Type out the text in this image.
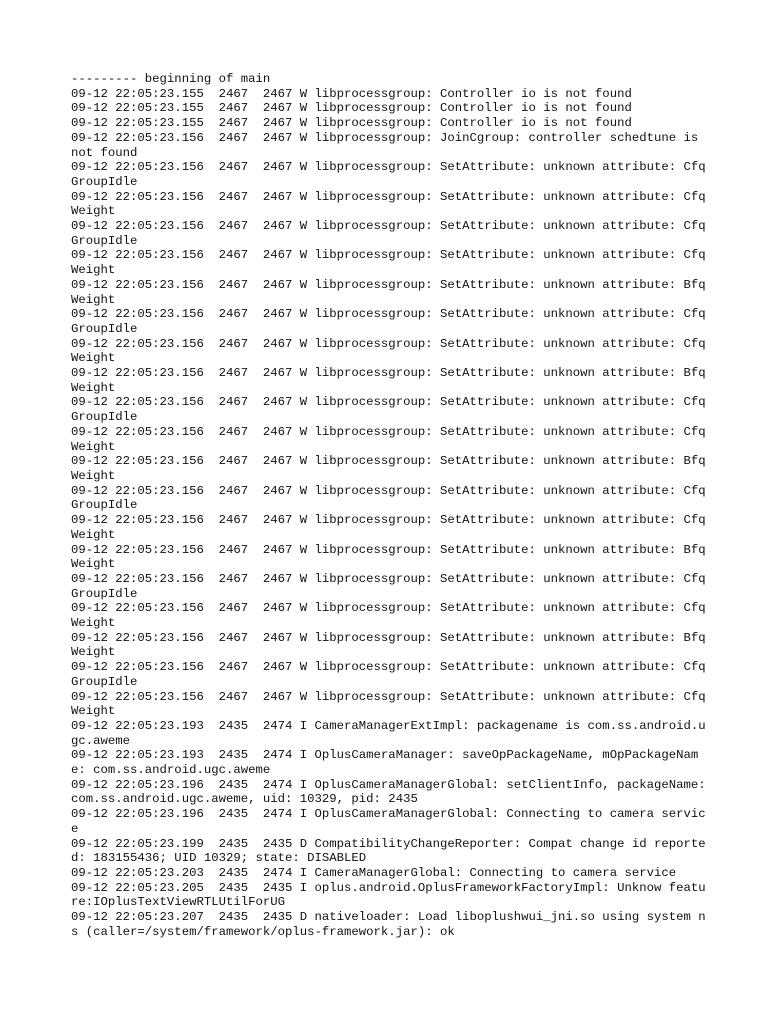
--------- beginning of main

09-12 22:05:23.155  2467  2467 W libprocessgroup: Controller io is not found

09-12 22:05:23.155  2467  2467 W libprocessgroup: Controller io is not found

09-12 22:05:23.155  2467  2467 W libprocessgroup: Controller io is not found

09-12 22:05:23.156  2467  2467 W libprocessgroup: JoinCgroup: controller schedtune is not found

09-12 22:05:23.156  2467  2467 W libprocessgroup: SetAttribute: unknown attribute: CfqGroupIdle

09-12 22:05:23.156  2467  2467 W libprocessgroup: SetAttribute: unknown attribute: CfqWeight

09-12 22:05:23.156  2467  2467 W libprocessgroup: SetAttribute: unknown attribute: CfqGroupIdle

09-12 22:05:23.156  2467  2467 W libprocessgroup: SetAttribute: unknown attribute: CfqWeight

09-12 22:05:23.156  2467  2467 W libprocessgroup: SetAttribute: unknown attribute: BfqWeight

09-12 22:05:23.156  2467  2467 W libprocessgroup: SetAttribute: unknown attribute: CfqGroupIdle

09-12 22:05:23.156  2467  2467 W libprocessgroup: SetAttribute: unknown attribute: CfqWeight

09-12 22:05:23.156  2467  2467 W libprocessgroup: SetAttribute: unknown attribute: BfqWeight

09-12 22:05:23.156  2467  2467 W libprocessgroup: SetAttribute: unknown attribute: CfqGroupIdle

09-12 22:05:23.156  2467  2467 W libprocessgroup: SetAttribute: unknown attribute: CfqWeight

09-12 22:05:23.156  2467  2467 W libprocessgroup: SetAttribute: unknown attribute: BfqWeight

09-12 22:05:23.156  2467  2467 W libprocessgroup: SetAttribute: unknown attribute: CfqGroupIdle

09-12 22:05:23.156  2467  2467 W libprocessgroup: SetAttribute: unknown attribute: CfqWeight

09-12 22:05:23.156  2467  2467 W libprocessgroup: SetAttribute: unknown attribute: BfqWeight

09-12 22:05:23.156  2467  2467 W libprocessgroup: SetAttribute: unknown attribute: CfqGroupIdle

09-12 22:05:23.156  2467  2467 W libprocessgroup: SetAttribute: unknown attribute: CfqWeight

09-12 22:05:23.156  2467  2467 W libprocessgroup: SetAttribute: unknown attribute: BfqWeight

09-12 22:05:23.156  2467  2467 W libprocessgroup: SetAttribute: unknown attribute: CfqGroupIdle

09-12 22:05:23.156  2467  2467 W libprocessgroup: SetAttribute: unknown attribute: CfqWeight

09-12 22:05:23.193  2435  2474 I CameraManagerExtImpl: packagename is com.ss.android.ugc.aweme

09-12 22:05:23.193  2435  2474 I OplusCameraManager: saveOpPackageName, mOpPackageName: com.ss.android.ugc.aweme

09-12 22:05:23.196  2435  2474 I OplusCameraManagerGlobal: setClientInfo, packageName: com.ss.android.ugc.aweme, uid: 10329, pid: 2435

09-12 22:05:23.196  2435  2474 I OplusCameraManagerGlobal: Connecting to camera service

09-12 22:05:23.199  2435  2435 D CompatibilityChangeReporter: Compat change id reported: 183155436; UID 10329; state: DISABLED

09-12 22:05:23.203  2435  2474 I CameraManagerGlobal: Connecting to camera service

09-12 22:05:23.205  2435  2435 I oplus.android.OplusFrameworkFactoryImpl: Unknow feature:IOplusTextViewRTLUtilForUG

09-12 22:05:23.207  2435  2435 D nativeloader: Load liboplushwui_jni.so using system ns (caller=/system/framework/oplus-framework.jar): ok
